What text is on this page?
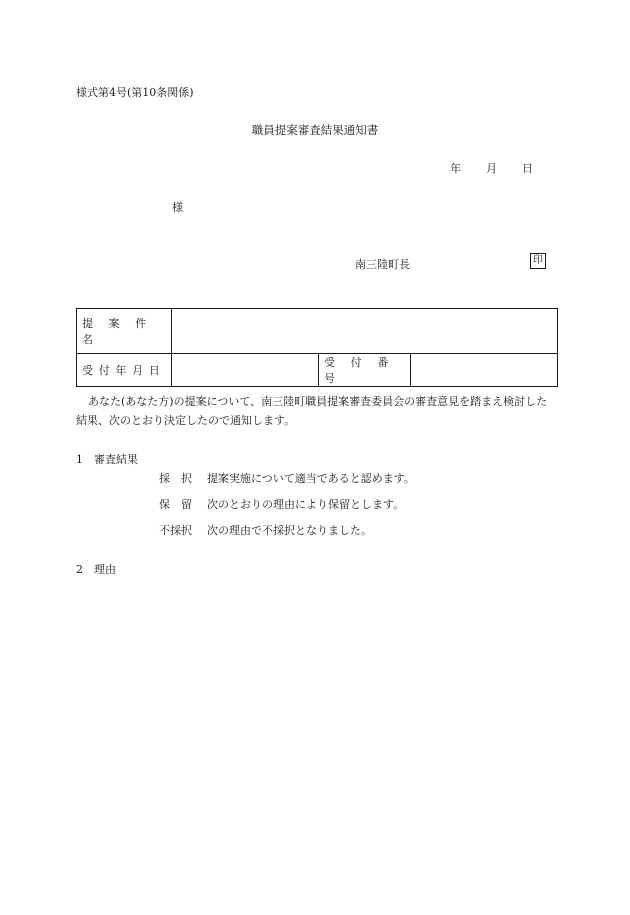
様式第4号(第10条関係)
職員提案審査結果通知書
年 月 日
様
南三陸町長	印
提 案 件 名			
受 付 年 月 日		受 付 番 号	
あなた(あなた方)の提案について、南三陸町職員提案審査委員会の審査意見を踏まえ検討した結果、次のとおり決定したので通知します。
1　審査結果
採　択 提案実施について適当であると認めます。
保　留 次のとおりの理由により保留とします。
不採択 次の理由で不採択となりました。
2　理由
